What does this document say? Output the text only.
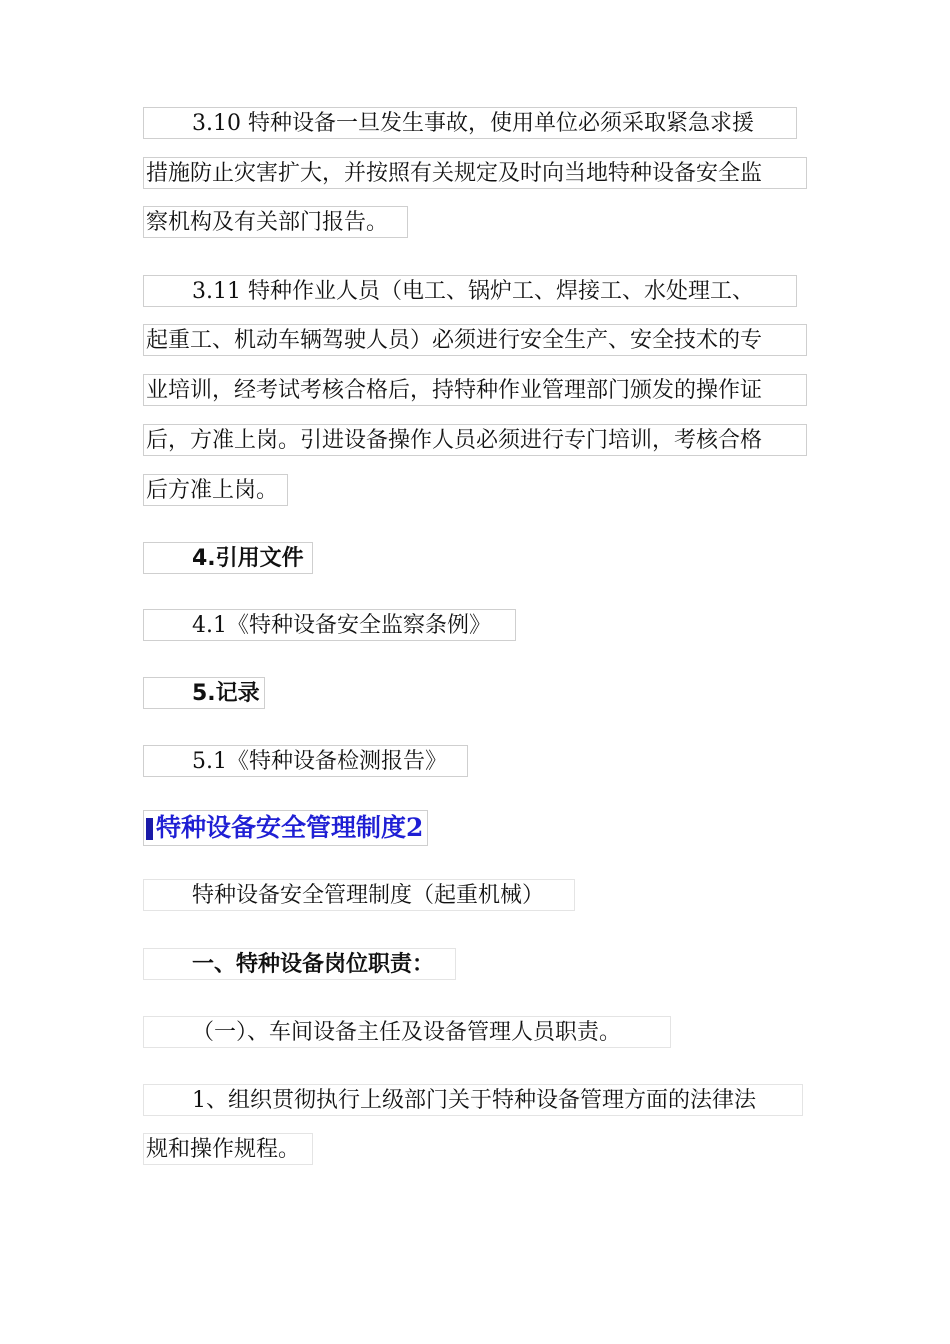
3.10 特种设备一旦发生事故，使用单位必须采取紧急求援
措施防止灾害扩大，并按照有关规定及时向当地特种设备安全监
察机构及有关部门报告。
3.11 特种作业人员（电工、锅炉工、焊接工、水处理工、
起重工、机动车辆驾驶人员）必须进行安全生产、安全技术的专
业培训，经考试考核合格后，持特种作业管理部门颁发的操作证
后，方准上岗。引进设备操作人员必须进行专门培训，考核合格
后方准上岗。
4.引用文件
4.1《特种设备安全监察条例》
5.记录
5.1《特种设备检测报告》
特种设备安全管理制度2
特种设备安全管理制度（起重机械）
一、特种设备岗位职责：
（一）、车间设备主任及设备管理人员职责。
1、组织贯彻执行上级部门关于特种设备管理方面的法律法
规和操作规程。
